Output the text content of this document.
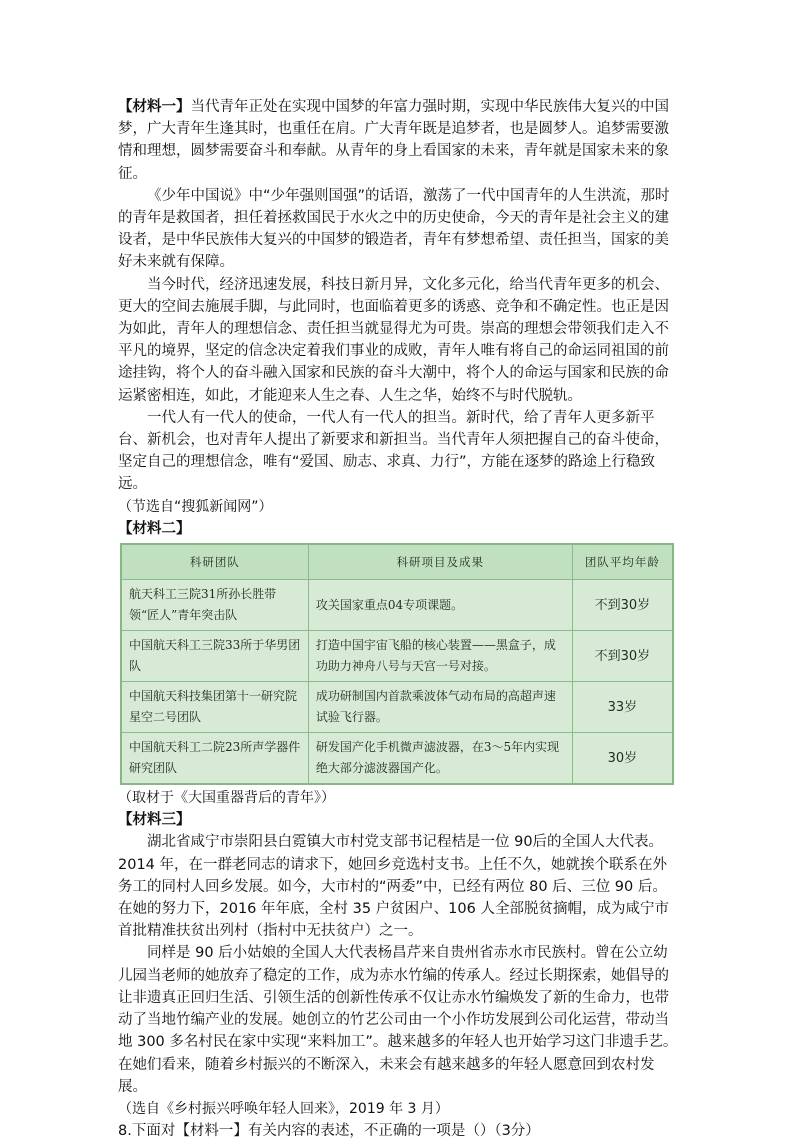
【材料一】当代青年正处在实现中国梦的年富力强时期，实现中华民族伟大复兴的中国梦，广大青年生逢其时，也重任在肩。广大青年既是追梦者，也是圆梦人。追梦需要激情和理想，圆梦需要奋斗和奉献。从青年的身上看国家的未来，青年就是国家未来的象征。

《少年中国说》中“少年强则国强”的话语，激荡了一代中国青年的人生洪流，那时的青年是救国者，担任着拯救国民于水火之中的历史使命，今天的青年是社会主义的建设者，是中华民族伟大复兴的中国梦的锻造者，青年有梦想希望、责任担当，国家的美好未来就有保障。

当今时代，经济迅速发展，科技日新月异，文化多元化，给当代青年更多的机会、更大的空间去施展手脚，与此同时，也面临着更多的诱惑、竞争和不确定性。也正是因为如此，青年人的理想信念、责任担当就显得尤为可贵。崇高的理想会带领我们走入不平凡的境界，坚定的信念决定着我们事业的成败，青年人唯有将自己的命运同祖国的前途挂钩，将个人的奋斗融入国家和民族的奋斗大潮中，将个人的命运与国家和民族的命运紧密相连，如此，才能迎来人生之春、人生之华，始终不与时代脱轨。

一代人有一代人的使命，一代人有一代人的担当。新时代，给了青年人更多新平台、新机会，也对青年人提出了新要求和新担当。当代青年人须把握自己的奋斗使命，坚定自己的理想信念，唯有“爱国、励志、求真、力行”，方能在逐梦的路途上行稳致远。

（节选自“搜狐新闻网”）

【材料二】

科研团队	科研项目及成果	团队平均年龄
航天科工三院31所孙长胜带领“匠人”青年突击队	攻关国家重点04专项课题。	不到30岁
中国航天科工三院33所于华男团队	打造中国宇宙飞船的核心装置——黑盒子，成功助力神舟八号与天宫一号对接。	不到30岁
中国航天科技集团第十一研究院星空二号团队	成功研制国内首款乘波体气动布局的高超声速试验飞行器。	33岁
中国航天科工二院23所声学器件研究团队	研发国产化手机微声滤波器，在3～5年内实现绝大部分滤波器国产化。	30岁

（取材于《大国重器背后的青年》）

【材料三】

湖北省咸宁市崇阳县白霓镇大市村党支部书记程桔是一位 90后的全国人大代表。2014 年，在一群老同志的请求下，她回乡竞选村支书。上任不久，她就挨个联系在外务工的同村人回乡发展。如今，大市村的“两委”中，已经有两位 80 后、三位 90 后。在她的努力下，2016 年年底，全村 35 户贫困户、106 人全部脱贫摘帽，成为咸宁市首批精准扶贫出列村（指村中无扶贫户）之一。

同样是 90 后小姑娘的全国人大代表杨昌芹来自贵州省赤水市民族村。曾在公立幼儿园当老师的她放弃了稳定的工作，成为赤水竹编的传承人。经过长期探索，她倡导的让非遗真正回归生活、引领生活的创新性传承不仅让赤水竹编焕发了新的生命力，也带动了当地竹编产业的发展。她创立的竹艺公司由一个小作坊发展到公司化运营，带动当地 300 多名村民在家中实现“来料加工”。越来越多的年轻人也开始学习这门非遗手艺。在她们看来，随着乡村振兴的不断深入，未来会有越来越多的年轻人愿意回到农村发展。

（选自《乡村振兴呼唤年轻人回来》，2019 年 3 月）

8.下面对【材料一】有关内容的表述，不正确的一项是（）（3分）
